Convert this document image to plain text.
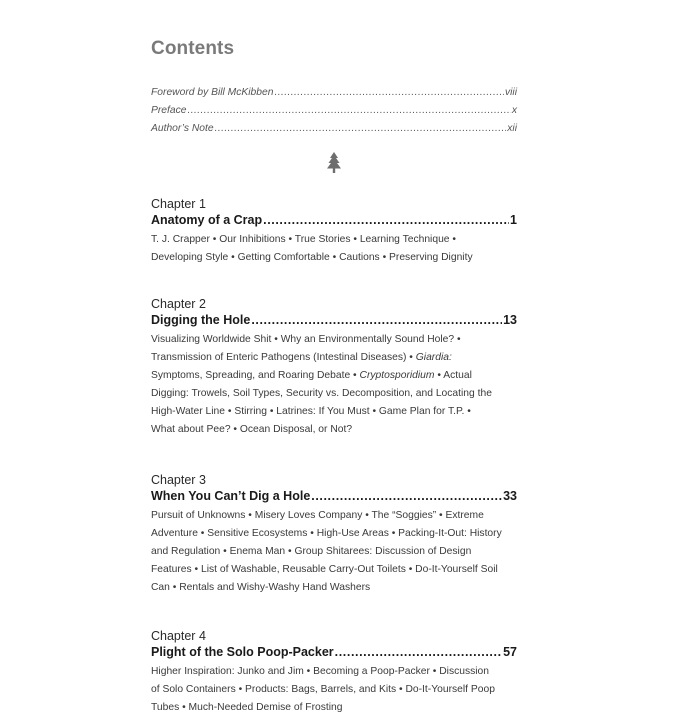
Contents
Foreword by Bill McKibben .....	viii
Preface .....	x
Author’s Note .....	xii
Chapter 1
Anatomy of a Crap .....	1
T. J. Crapper • Our Inhibitions • True Stories • Learning Technique •
Developing Style • Getting Comfortable • Cautions • Preserving Dignity
Chapter 2
Digging the Hole .....	13
Visualizing Worldwide Shit • Why an Environmentally Sound Hole? •
Transmission of Enteric Pathogens (Intestinal Diseases) • Giardia:
Symptoms, Spreading, and Roaring Debate • Cryptosporidium • Actual
Digging: Trowels, Soil Types, Security vs. Decomposition, and Locating the
High-Water Line • Stirring • Latrines: If You Must • Game Plan for T.P. •
What about Pee? • Ocean Disposal, or Not?
Chapter 3
When You Can’t Dig a Hole .....	33
Pursuit of Unknowns • Misery Loves Company • The “Soggies” • Extreme
Adventure • Sensitive Ecosystems • High-Use Areas • Packing-It-Out: History
and Regulation • Enema Man • Group Shitarees: Discussion of Design
Features • List of Washable, Reusable Carry-Out Toilets • Do-It-Yourself Soil
Can • Rentals and Wishy-Washy Hand Washers
Chapter 4
Plight of the Solo Poop-Packer .....	57
Higher Inspiration: Junko and Jim • Becoming a Poop-Packer • Discussion
of Solo Containers • Products: Bags, Barrels, and Kits • Do-It-Yourself Poop
Tubes • Much-Needed Demise of Frosting
